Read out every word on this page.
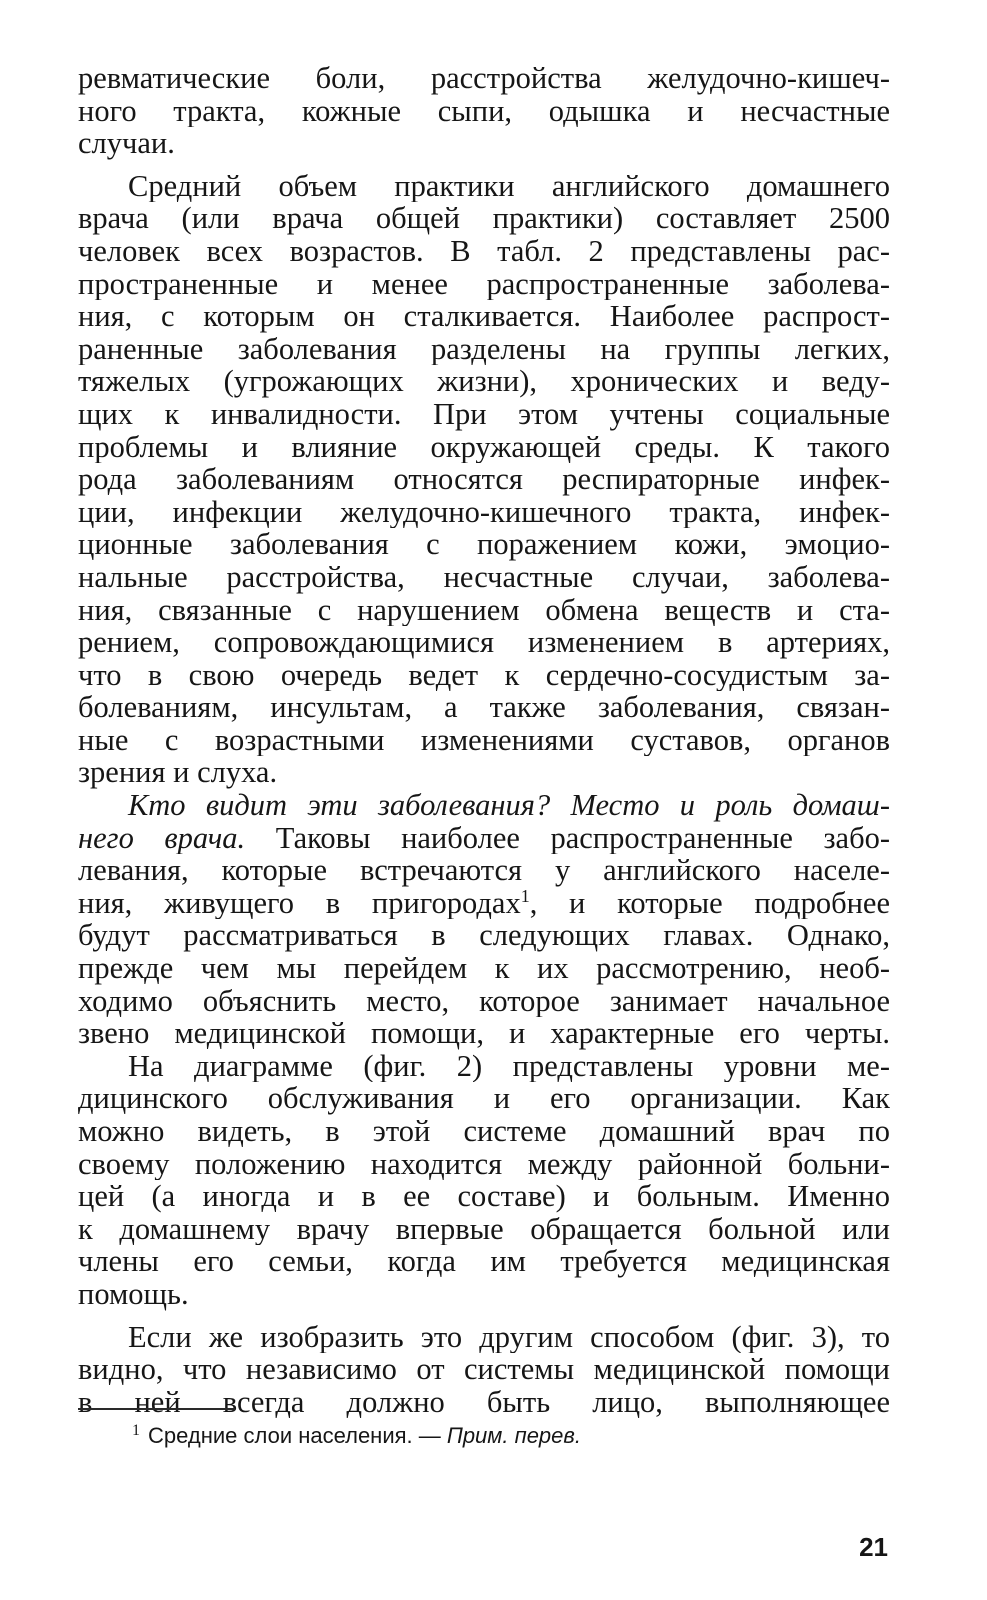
ревматические боли, расстройства желудочно-кишеч-
ного тракта, кожные сыпи, одышка и несчастные
случаи.
Средний объем практики английского домашнего
врача (или врача общей практики) составляет 2500
человек всех возрастов. В табл. 2 представлены рас-
пространенные и менее распространенные заболева-
ния, с которым он сталкивается. Наиболее распрост-
раненные заболевания разделены на группы легких,
тяжелых (угрожающих жизни), хронических и веду-
щих к инвалидности. При этом учтены социальные
проблемы и влияние окружающей среды. К такого
рода заболеваниям относятся респираторные инфек-
ции, инфекции желудочно-кишечного тракта, инфек-
ционные заболевания с поражением кожи, эмоцио-
нальные расстройства, несчастные случаи, заболева-
ния, связанные с нарушением обмена веществ и ста-
рением, сопровождающимися изменением в артериях,
что в свою очередь ведет к сердечно-сосудистым за-
болеваниям, инсультам, а также заболевания, связан-
ные с возрастными изменениями суставов, органов
зрения и слуха.
Кто видит эти заболевания? Место и роль домаш-
него врача. Таковы наиболее распространенные забо-
левания, которые встречаются у английского населе-
ния, живущего в пригородах$^1$, и которые подробнее
будут рассматриваться в следующих главах. Однако,
прежде чем мы перейдем к их рассмотрению, необ-
ходимо объяснить место, которое занимает начальное
звено медицинской помощи, и характерные его черты.
На диаграмме (фиг. 2) представлены уровни ме-
дицинского обслуживания и его организации. Как
можно видеть, в этой системе домашний врач по
своему положению находится между районной больни-
цей (а иногда и в ее составе) и больным. Именно
к домашнему врачу впервые обращается больной или
члены его семьи, когда им требуется медицинская
помощь.
Если же изобразить это другим способом (фиг. 3), то
видно, что независимо от системы медицинской помощи
в ней всегда должно быть лицо, выполняющее
$^1$ Средние слои населения. — Прим. перев.
21
